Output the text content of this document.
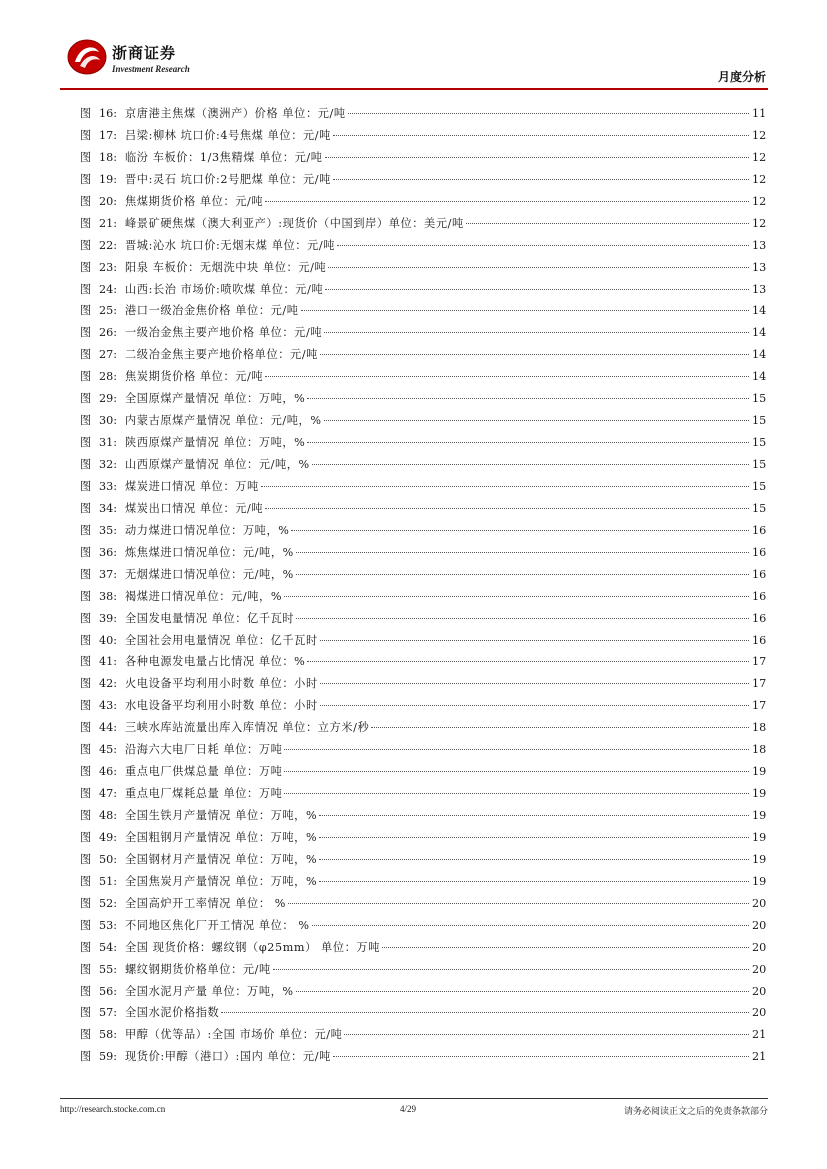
浙商证券
Investment Research
月度分析
图 16: 京唐港主焦煤（澳洲产）价格 单位：元/吨	11
图 17: 吕梁:柳林 坑口价:4号焦煤 单位：元/吨	12
图 18: 临汾 车板价：1/3焦精煤 单位：元/吨	12
图 19: 晋中:灵石 坑口价:2号肥煤 单位：元/吨	12
图 20: 焦煤期货价格 单位：元/吨	12
图 21: 峰景矿硬焦煤（澳大利亚产）:现货价（中国到岸）单位：美元/吨	12
图 22: 晋城:沁水 坑口价:无烟末煤 单位：元/吨	13
图 23: 阳泉 车板价：无烟洗中块 单位：元/吨	13
图 24: 山西:长治 市场价:喷吹煤 单位：元/吨	13
图 25: 港口一级冶金焦价格 单位：元/吨	14
图 26: 一级冶金焦主要产地价格 单位：元/吨	14
图 27: 二级冶金焦主要产地价格单位：元/吨	14
图 28: 焦炭期货价格 单位：元/吨	14
图 29: 全国原煤产量情况 单位：万吨，%	15
图 30: 内蒙古原煤产量情况 单位：元/吨，%	15
图 31: 陕西原煤产量情况 单位：万吨，%	15
图 32: 山西原煤产量情况 单位：元/吨，%	15
图 33: 煤炭进口情况 单位：万吨	15
图 34: 煤炭出口情况 单位：元/吨	15
图 35: 动力煤进口情况单位：万吨，%	16
图 36: 炼焦煤进口情况单位：元/吨，%	16
图 37: 无烟煤进口情况单位：元/吨，%	16
图 38: 褐煤进口情况单位：元/吨，%	16
图 39: 全国发电量情况 单位：亿千瓦时	16
图 40: 全国社会用电量情况 单位：亿千瓦时	16
图 41: 各种电源发电量占比情况 单位：%	17
图 42: 火电设备平均利用小时数 单位：小时	17
图 43: 水电设备平均利用小时数 单位：小时	17
图 44: 三峡水库站流量出库入库情况 单位：立方米/秒	18
图 45: 沿海六大电厂日耗 单位：万吨	18
图 46: 重点电厂供煤总量 单位：万吨	19
图 47: 重点电厂煤耗总量 单位：万吨	19
图 48: 全国生铁月产量情况 单位：万吨，%	19
图 49: 全国粗钢月产量情况 单位：万吨，%	19
图 50: 全国钢材月产量情况 单位：万吨，%	19
图 51: 全国焦炭月产量情况 单位：万吨，%	19
图 52: 全国高炉开工率情况 单位： %	20
图 53: 不同地区焦化厂开工情况 单位： %	20
图 54: 全国 现货价格：螺纹钢（φ25mm） 单位：万吨	20
图 55: 螺纹钢期货价格单位：元/吨	20
图 56: 全国水泥月产量 单位：万吨，%	20
图 57: 全国水泥价格指数	20
图 58: 甲醇（优等品）:全国 市场价 单位：元/吨	21
图 59: 现货价:甲醇（港口）:国内 单位：元/吨	21
http://research.stocke.com.cn	4/29	请务必阅读正文之后的免责条款部分
